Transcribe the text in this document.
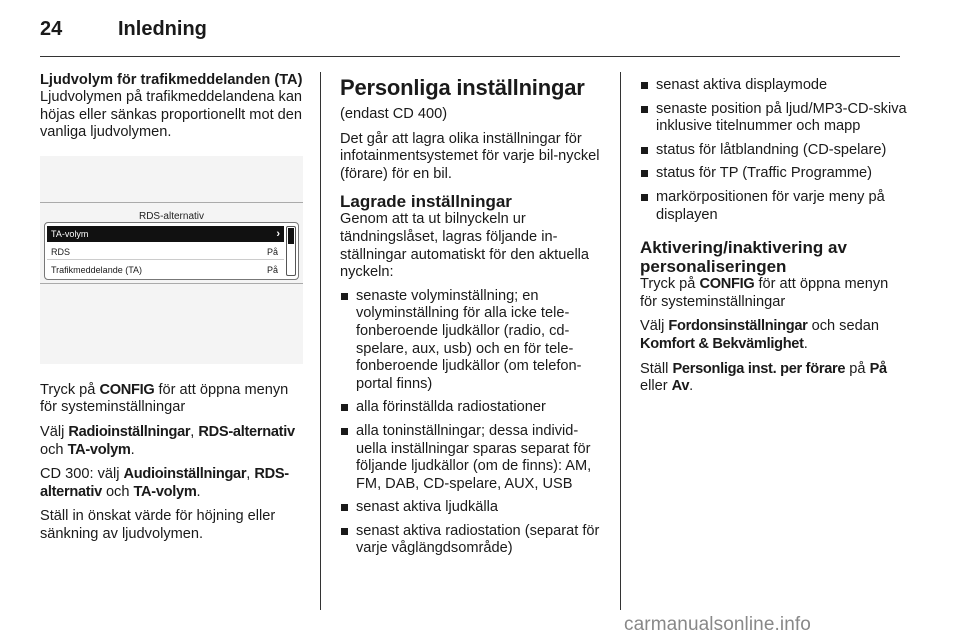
24	Inledning

Ljudvolym för trafikmeddelanden (TA)

Ljudvolymen på trafikmeddelandena kan höjas eller sänkas proportionellt mot den vanliga ljudvolymen.

RDS-alternativ
TA-volym	›
RDS	På
Trafikmeddelande (TA)	På

Tryck på CONFIG för att öppna menyn för systeminställningar

Välj Radioinställningar, RDS-alternativ och TA-volym.

CD 300: välj Audioinställningar, RDS-alternativ och TA-volym.

Ställ in önskat värde för höjning eller sänkning av ljudvolymen.

Personliga inställningar

(endast CD 400)

Det går att lagra olika inställningar för infotainmentsystemet för varje bil-nyckel (förare) för en bil.

Lagrade inställningar

Genom att ta ut bilnyckeln ur tändningslåset, lagras följande in-ställningar automatiskt för den aktuella nyckeln:

senaste volyminställning; en volyminställning för alla icke tele-fonberoende ljudkällor (radio, cd-spelare, aux, usb) och en för tele-fonberoende ljudkällor (om telefon-portal finns)
alla förinställda radiostationer
alla toninställningar; dessa individ-uella inställningar sparas separat för följande ljudkällor (om de finns): AM, FM, DAB, CD-spelare, AUX, USB
senast aktiva ljudkälla
senast aktiva radiostation (separat för varje våglängdsområde)
senast aktiva displaymode
senaste position på ljud/MP3-CD-skiva inklusive titelnummer och mapp
status för låtblandning (CD-spelare)
status för TP (Traffic Programme)
markörpositionen för varje meny på displayen
Aktivering/inaktivering av personaliseringen

Tryck på CONFIG för att öppna menyn för systeminställningar

Välj Fordonsinställningar och sedan Komfort & Bekvämlighet.

Ställ Personliga inst. per förare på På eller Av.

carmanualsonline.info
